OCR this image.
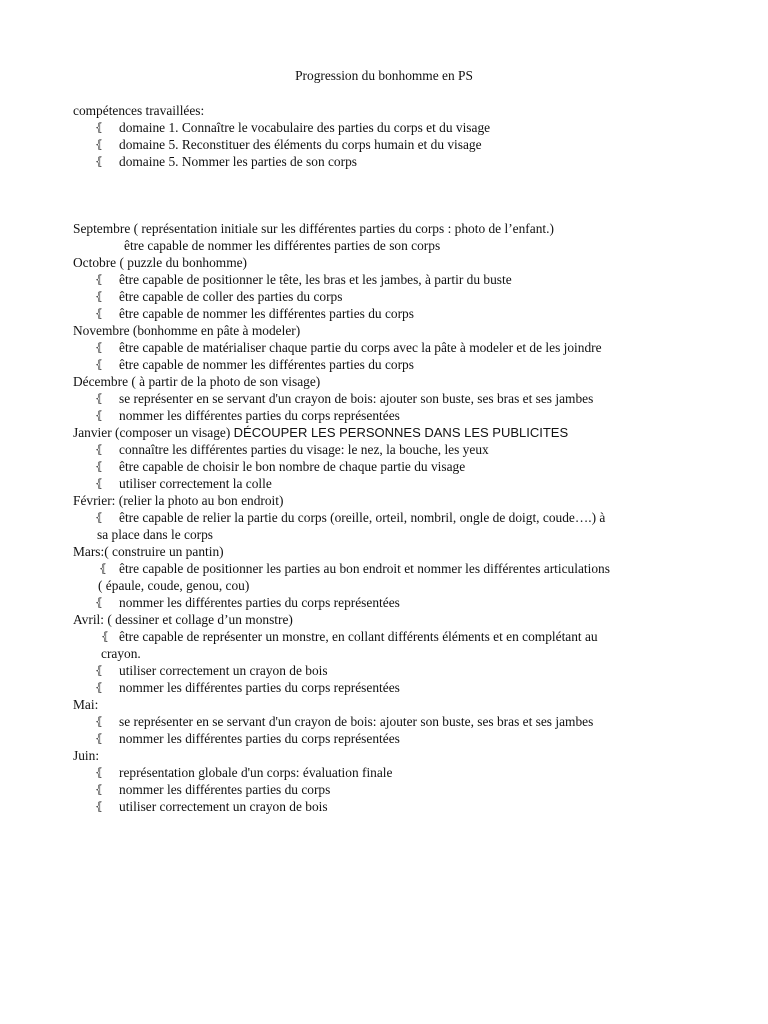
Progression du bonhomme en PS
compétences travaillées:
⦃ domaine 1. Connaître le vocabulaire des parties du corps et du visage
⦃ domaine 5. Reconstituer des éléments du corps humain et du visage
⦃ domaine 5. Nommer les parties de son corps
Septembre ( représentation initiale sur les différentes parties du corps : photo de l’enfant.)
être capable de nommer les différentes parties de son corps
Octobre ( puzzle du bonhomme)
⦃ être capable de positionner le tête, les bras et les jambes, à partir du buste
⦃ être capable de coller des parties du corps
⦃ être capable de nommer les différentes parties du corps
Novembre (bonhomme en pâte à modeler)
⦃ être capable de matérialiser chaque partie du corps avec la pâte à modeler et de les joindre
⦃ être capable de nommer les différentes parties du corps
Décembre ( à partir de la photo de son visage)
⦃ se représenter en se servant d'un crayon de bois: ajouter son buste, ses bras et ses jambes
⦃ nommer les différentes parties du corps représentées
Janvier (composer un visage) DÉCOUPER LES PERSONNES DANS LES PUBLICITES
⦃ connaître les différentes parties du visage: le nez, la bouche, les yeux
⦃ être capable de choisir le bon nombre de chaque partie du visage
⦃ utiliser correctement la colle
Février: (relier la photo au bon endroit)
⦃ être capable de relier la partie du corps (oreille, orteil, nombril, ongle de doigt, coude….) à
sa place dans le corps
Mars:( construire un pantin)
⦃ être capable de positionner les parties au bon endroit et nommer les différentes articulations
( épaule, coude, genou, cou)
⦃ nommer les différentes parties du corps représentées
Avril: ( dessiner et collage d’un monstre)
⦃ être capable de représenter un monstre, en collant différents éléments et en complétant au
crayon.
⦃ utiliser correctement un crayon de bois
⦃ nommer les différentes parties du corps représentées
Mai:
⦃ se représenter en se servant d'un crayon de bois: ajouter son buste, ses bras et ses jambes
⦃ nommer les différentes parties du corps représentées
Juin:
⦃ représentation globale d'un corps: évaluation finale
⦃ nommer les différentes parties du corps
⦃ utiliser correctement un crayon de bois
